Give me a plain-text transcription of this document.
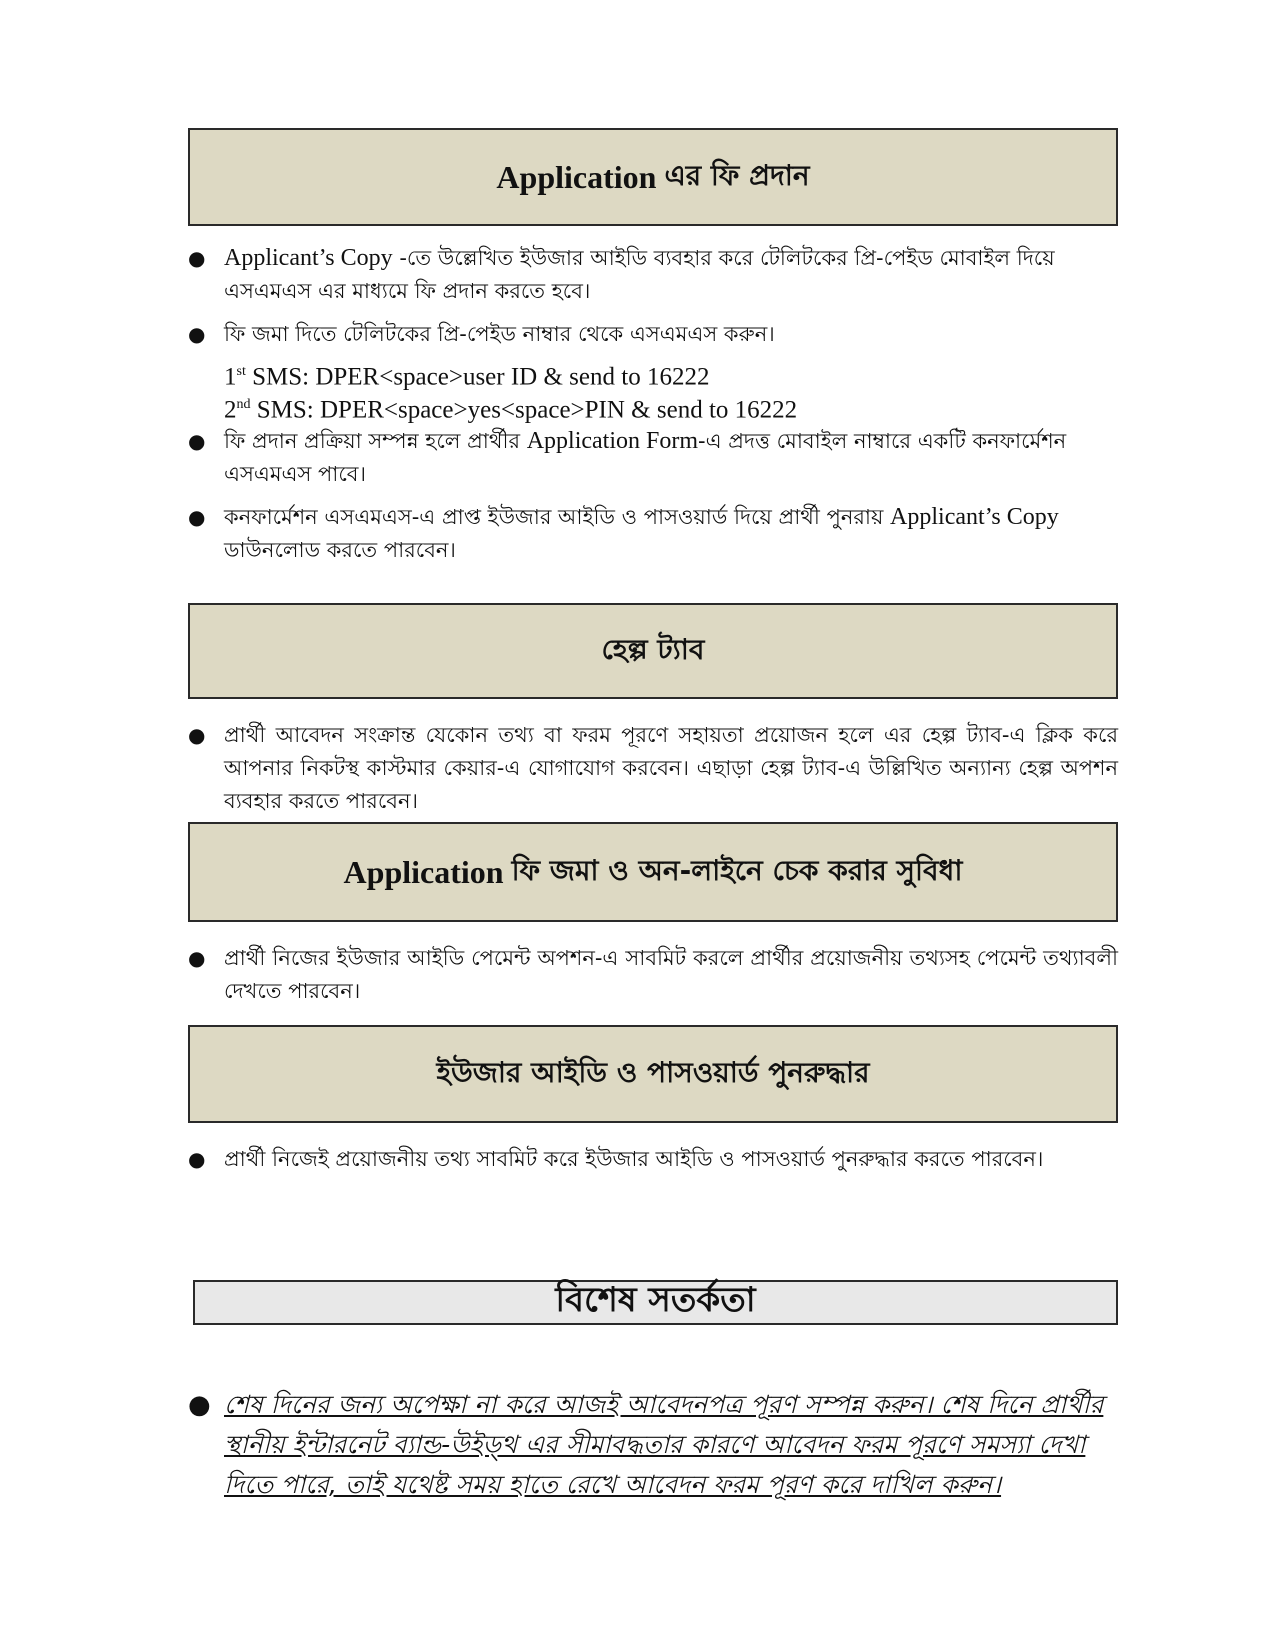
Application এর ফি প্রদান
● Applicant’s Copy -তে উল্লেখিত ইউজার আইডি ব্যবহার করে টেলিটকের প্রি-পেইড মোবাইল দিয়ে এসএমএস এর মাধ্যমে ফি প্রদান করতে হবে।
● ফি জমা দিতে টেলিটকের প্রি-পেইড নাম্বার থেকে এসএমএস করুন।
1st SMS: DPER<space>user ID & send to 16222
2nd SMS: DPER<space>yes<space>PIN & send to 16222
● ফি প্রদান প্রক্রিয়া সম্পন্ন হলে প্রার্থীর Application Form-এ প্রদত্ত মোবাইল নাম্বারে একটি কনফার্মেশন এসএমএস পাবে।
● কনফার্মেশন এসএমএস-এ প্রাপ্ত ইউজার আইডি ও পাসওয়ার্ড দিয়ে প্রার্থী পুনরায় Applicant’s Copy ডাউনলোড করতে পারবেন।
হেল্প ট্যাব
● প্রার্থী আবেদন সংক্রান্ত যেকোন তথ্য বা ফরম পূরণে সহায়তা প্রয়োজন হলে এর হেল্প ট্যাব-এ ক্লিক করে আপনার নিকটস্থ কাস্টমার কেয়ার-এ যোগাযোগ করবেন। এছাড়া হেল্প ট্যাব-এ উল্লিখিত অন্যান্য হেল্প অপশন ব্যবহার করতে পারবেন।
Application ফি জমা ও অন-লাইনে চেক করার সুবিধা
● প্রার্থী নিজের ইউজার আইডি পেমেন্ট অপশন-এ সাবমিট করলে প্রার্থীর প্রয়োজনীয় তথ্যসহ পেমেন্ট তথ্যাবলী দেখতে পারবেন।
ইউজার আইডি ও পাসওয়ার্ড পুনরুদ্ধার
● প্রার্থী নিজেই প্রয়োজনীয় তথ্য সাবমিট করে ইউজার আইডি ও পাসওয়ার্ড পুনরুদ্ধার করতে পারবেন।
বিশেষ সতর্কতা
● শেষ দিনের জন্য অপেক্ষা না করে আজই আবেদনপত্র পূরণ সম্পন্ন করুন। শেষ দিনে প্রার্থীর স্থানীয় ইন্টারনেট ব্যান্ড-উইড্থ এর সীমাবদ্ধতার কারণে আবেদন ফরম পূরণে সমস্যা দেখা দিতে পারে, তাই যথেষ্ট সময় হাতে রেখে আবেদন ফরম পূরণ করে দাখিল করুন।
